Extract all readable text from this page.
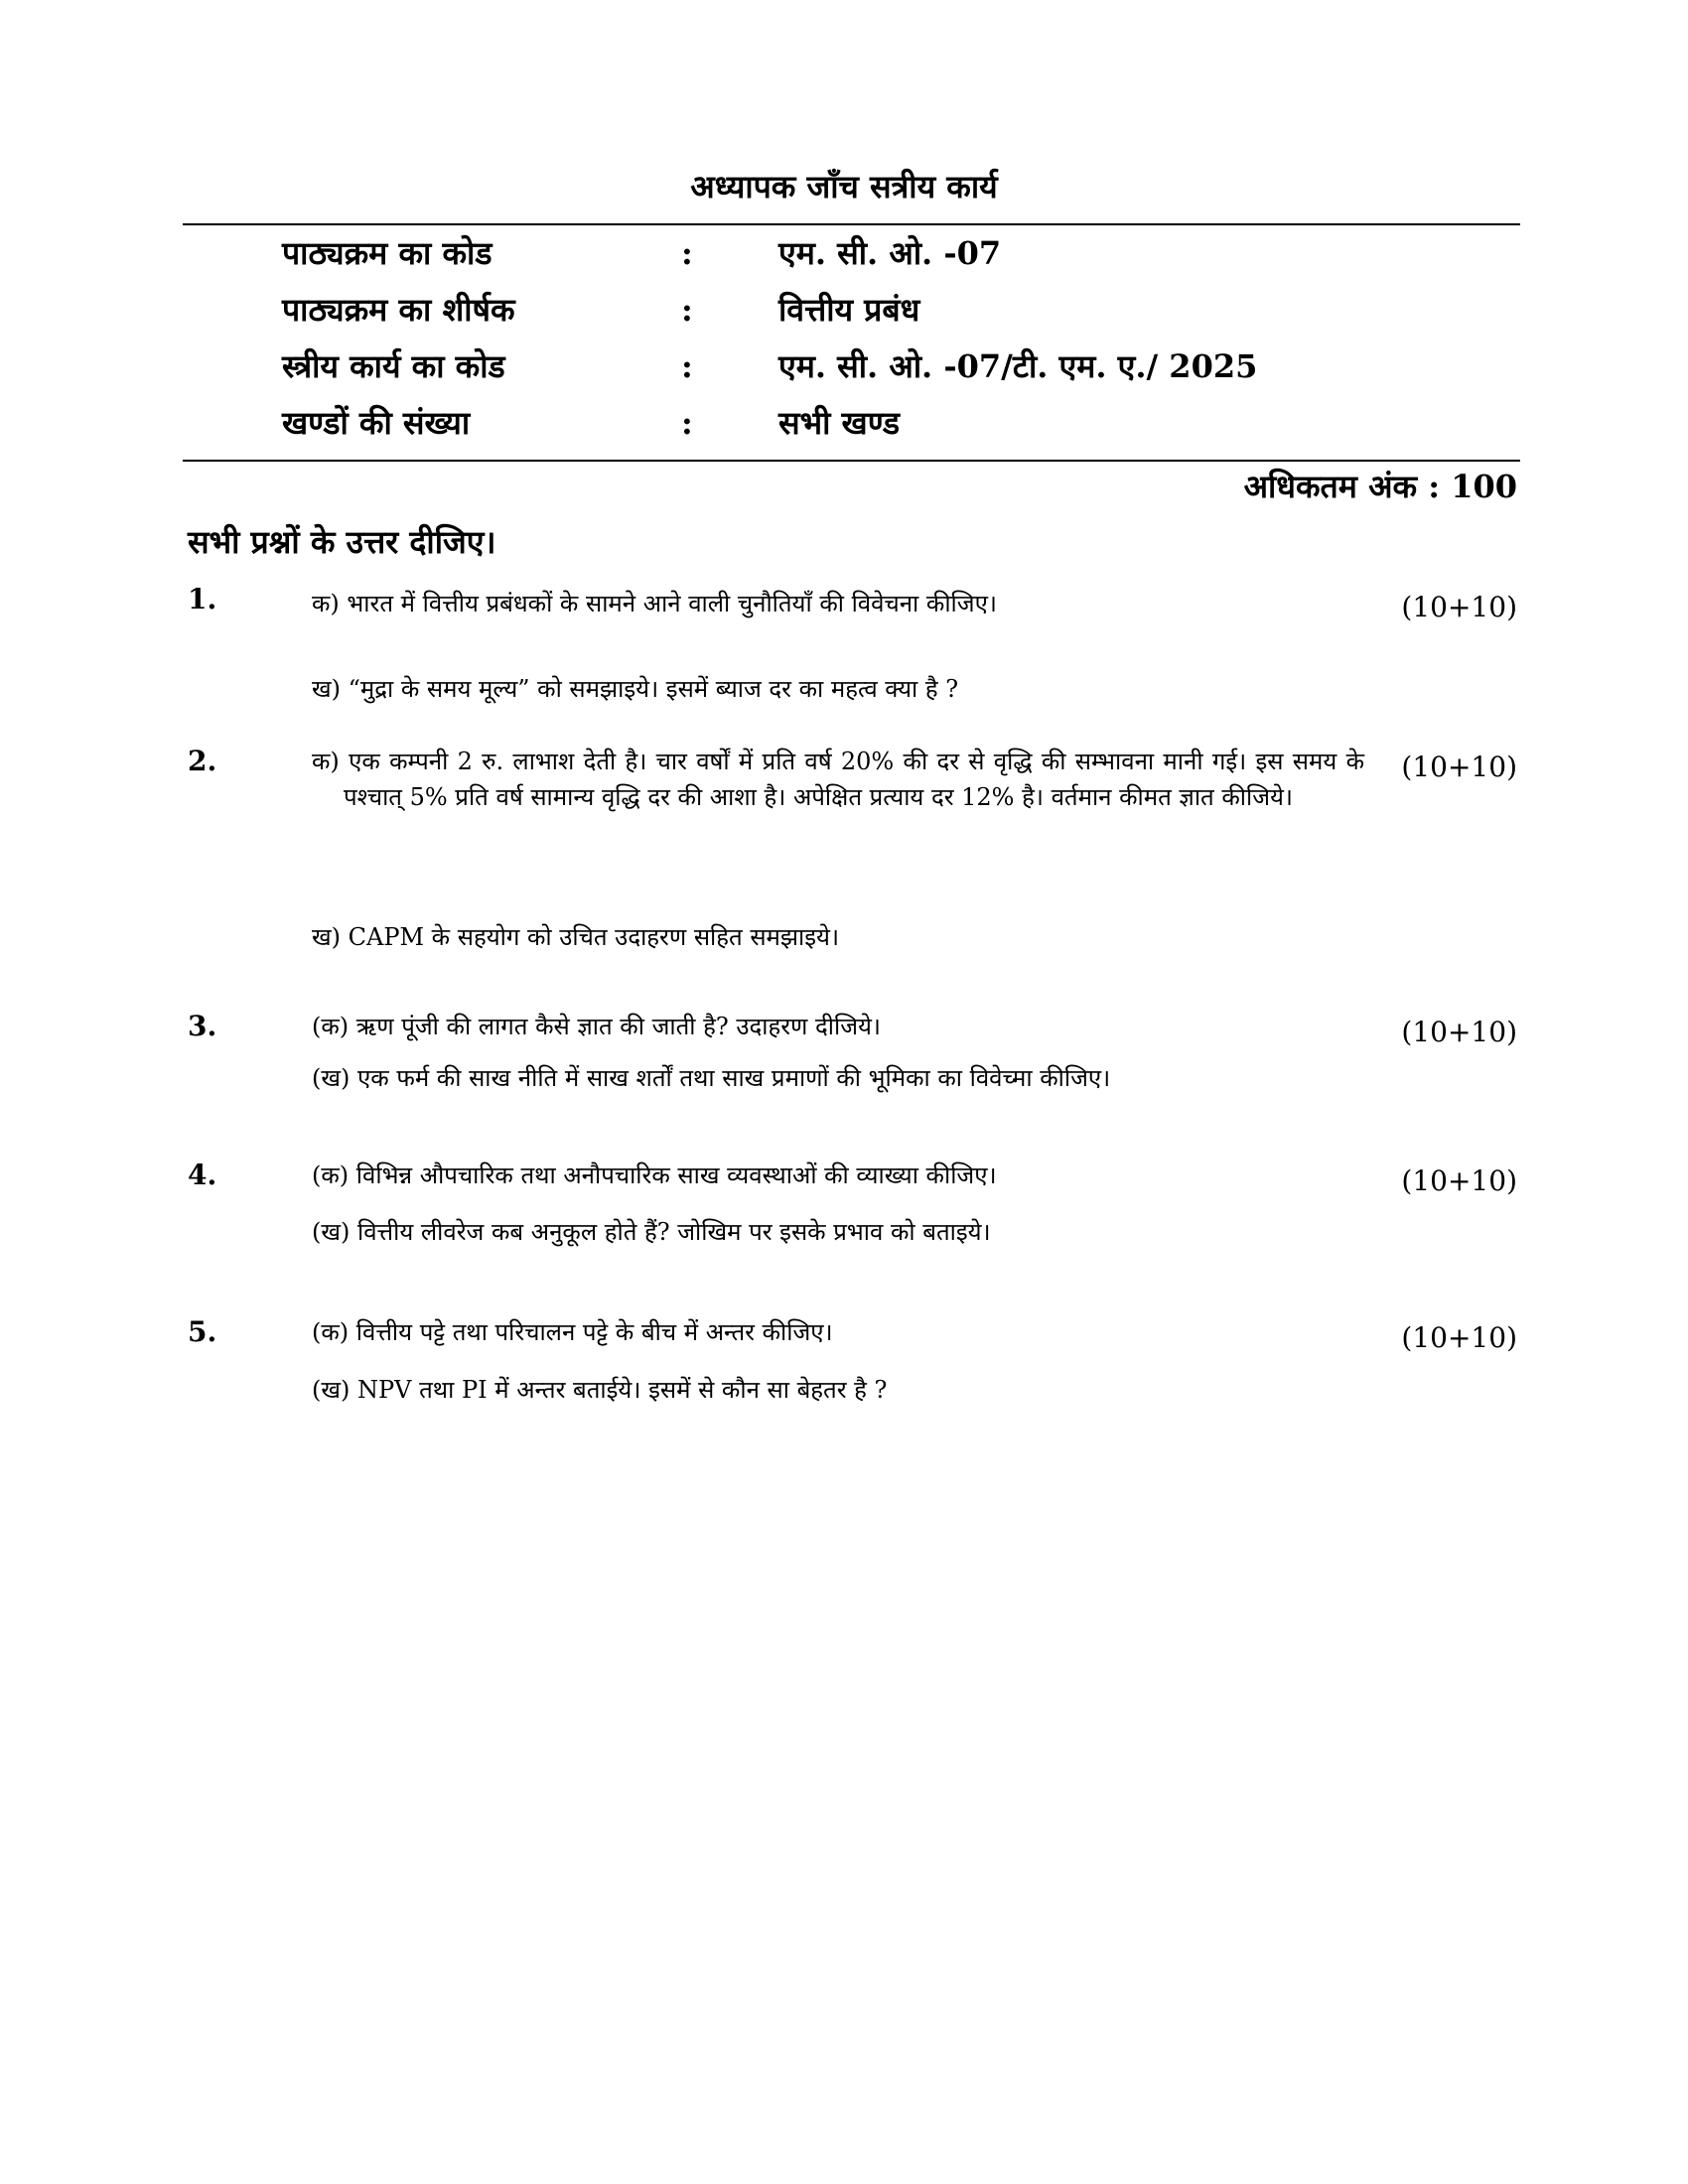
अध्यापक जाँच सत्रीय कार्य
पाठ्यक्रम का कोड	:	एम. सी. ओ. -07
पाठ्यक्रम का शीर्षक	:	वित्तीय प्रबंध
स्त्रीय कार्य का कोड	:	एम. सी. ओ. -07/टी. एम. ए./ 2025
खण्डों की संख्या	:	सभी खण्ड
अधिकतम अंक : 100
सभी प्रश्नों के उत्तर दीजिए।
1.	क) भारत में वित्तीय प्रबंधकों के सामने आने वाली चुनौतियाँ की विवेचना कीजिए।	(10+10)
ख) “मुद्रा के समय मूल्य” को समझाइये। इसमें ब्याज दर का महत्व क्या है ?
2.	क) एक कम्पनी 2 रु. लाभाश देती है। चार वर्षों में प्रति वर्ष 20% की दर से वृद्धि की सम्भावना मानी गई। इस समय के पश्चात् 5% प्रति वर्ष सामान्य वृद्धि दर की आशा है। अपेक्षित प्रत्याय दर 12% है। वर्तमान कीमत ज्ञात कीजिये।
(10+10)
ख) CAPM के सहयोग को उचित उदाहरण सहित समझाइये।
3.	(क) ऋण पूंजी की लागत कैसे ज्ञात की जाती है? उदाहरण दीजिये।	(10+10)
(ख) एक फर्म की साख नीति में साख शर्तों तथा साख प्रमाणों की भूमिका का विवेच्मा कीजिए।
4.	(क) विभिन्न औपचारिक तथा अनौपचारिक साख व्यवस्थाओं की व्याख्या कीजिए।	(10+10)
(ख) वित्तीय लीवरेज कब अनुकूल होते हैं? जोखिम पर इसके प्रभाव को बताइये।
5.	(क) वित्तीय पट्टे तथा परिचालन पट्टे के बीच में अन्तर कीजिए।	(10+10)
(ख) NPV तथा PI में अन्तर बताईये। इसमें से कौन सा बेहतर है ?
